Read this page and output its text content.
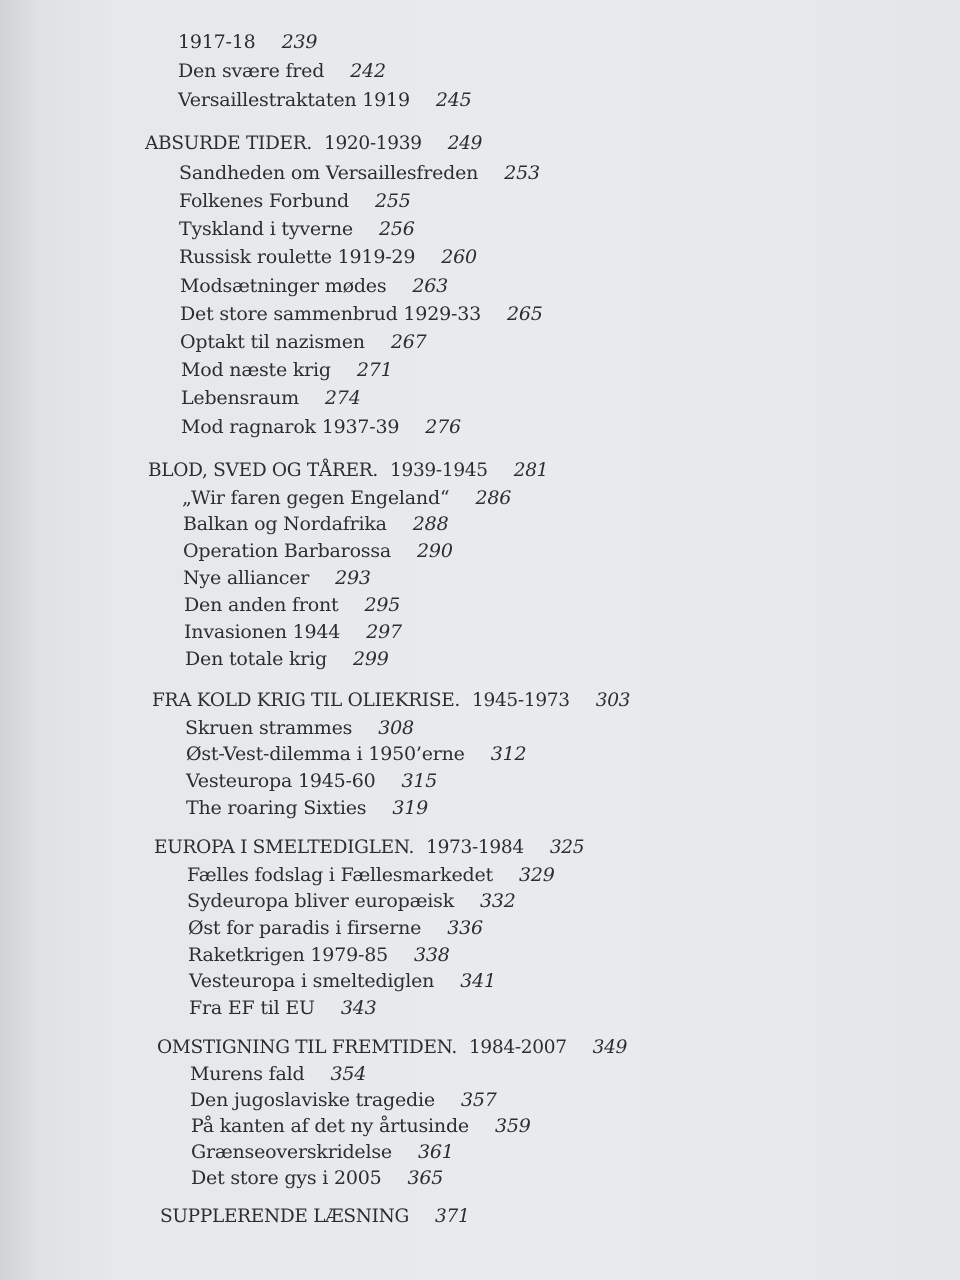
1917-18 239
Den svære fred 242
Versaillestraktaten 1919 245
ABSURDE TIDER. 1920-1939 249
Sandheden om Versaillesfreden 253
Folkenes Forbund 255
Tyskland i tyverne 256
Russisk roulette 1919-29 260
Modsætninger mødes 263
Det store sammenbrud 1929-33 265
Optakt til nazismen 267
Mod næste krig 271
Lebensraum 274
Mod ragnarok 1937-39 276
BLOD, SVED OG TÅRER. 1939-1945 281
„Wir faren gegen Engeland“ 286
Balkan og Nordafrika 288
Operation Barbarossa 290
Nye alliancer 293
Den anden front 295
Invasionen 1944 297
Den totale krig 299
FRA KOLD KRIG TIL OLIEKRISE. 1945-1973 303
Skruen strammes 308
Øst-Vest-dilemma i 1950’erne 312
Vesteuropa 1945-60 315
The roaring Sixties 319
EUROPA I SMELTEDIGLEN. 1973-1984 325
Fælles fodslag i Fællesmarkedet 329
Sydeuropa bliver europæisk 332
Øst for paradis i firserne 336
Raketkrigen 1979-85 338
Vesteuropa i smeltediglen 341
Fra EF til EU 343
OMSTIGNING TIL FREMTIDEN. 1984-2007 349
Murens fald 354
Den jugoslaviske tragedie 357
På kanten af det ny årtusinde 359
Grænseoverskridelse 361
Det store gys i 2005 365
SUPPLERENDE LÆSNING 371
